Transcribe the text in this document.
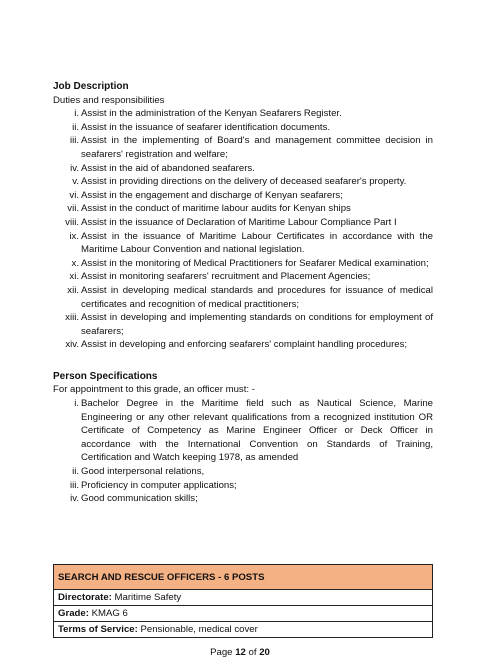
Job Description
Duties and responsibilities
i. Assist in the administration of the Kenyan Seafarers Register.
ii. Assist in the issuance of seafarer identification documents.
iii. Assist in the implementing of Board's and management committee decision in seafarers' registration and welfare;
iv. Assist in the aid of abandoned seafarers.
v. Assist in providing directions on the delivery of deceased seafarer's property.
vi. Assist in the engagement and discharge of Kenyan seafarers;
vii. Assist in the conduct of maritime labour audits for Kenyan ships
viii. Assist in the issuance of Declaration of Maritime Labour Compliance Part I
ix. Assist in the issuance of Maritime Labour Certificates in accordance with the Maritime Labour Convention and national legislation.
x. Assist in the monitoring of Medical Practitioners for Seafarer Medical examination;
xi. Assist in monitoring seafarers' recruitment and Placement Agencies;
xii. Assist in developing medical standards and procedures for issuance of medical certificates and recognition of medical practitioners;
xiii. Assist in developing and implementing standards on conditions for employment of seafarers;
xiv. Assist in developing and enforcing seafarers' complaint handling procedures;
Person Specifications
For appointment to this grade, an officer must: -
i. Bachelor Degree in the Maritime field such as Nautical Science, Marine Engineering or any other relevant qualifications from a recognized institution OR Certificate of Competency as Marine Engineer Officer or Deck Officer in accordance with the International Convention on Standards of Training, Certification and Watch keeping 1978, as amended
ii. Good interpersonal relations,
iii. Proficiency in computer applications;
iv. Good communication skills;
SEARCH AND RESCUE OFFICERS - 6 POSTS
Directorate: Maritime Safety
Grade: KMAG 6
Terms of Service: Pensionable, medical cover
Page 12 of 20
